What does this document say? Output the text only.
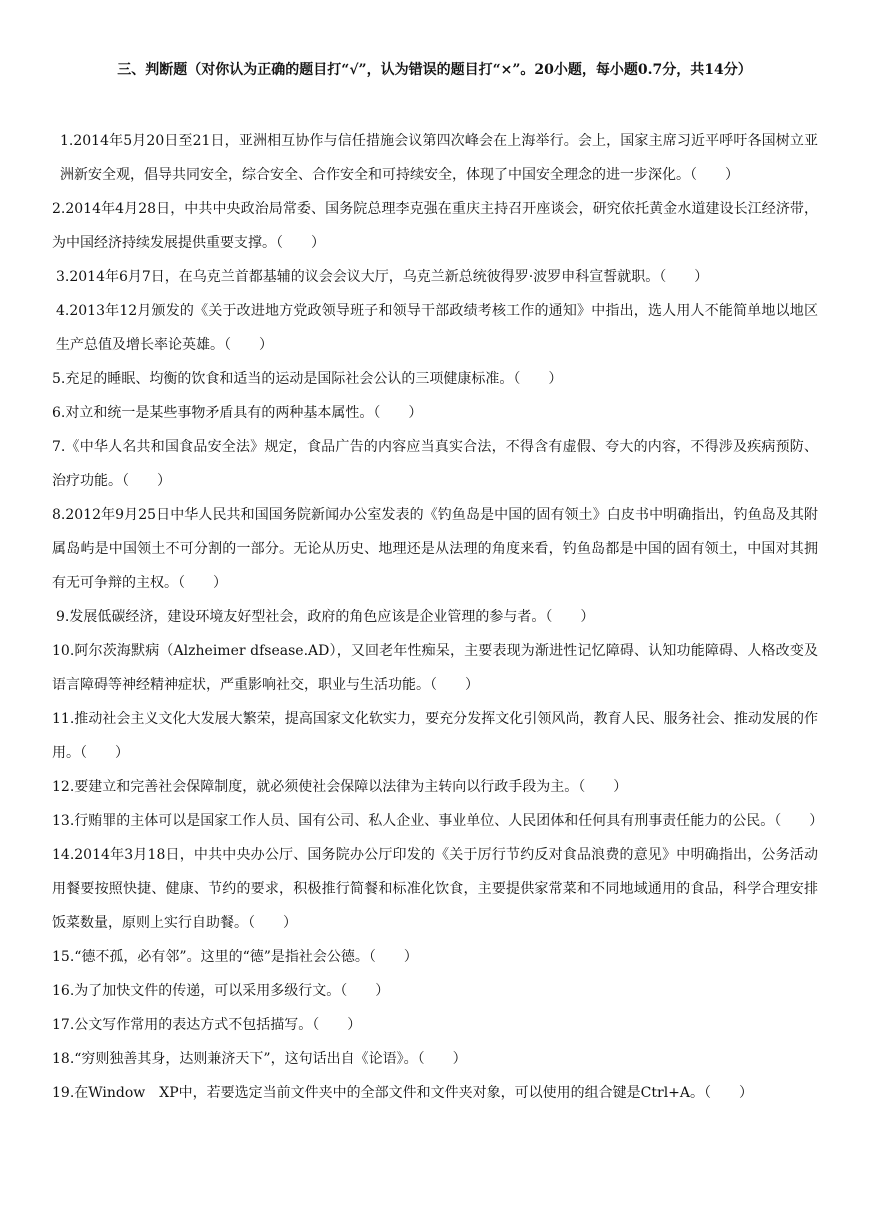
三、判断题（对你认为正确的题目打“√”，认为错误的题目打“×”。20小题，每小题0.7分，共14分）

1.2014年5月20日至21日，亚洲相互协作与信任措施会议第四次峰会在上海举行。会上，国家主席习近平呼吁各国树立亚洲新安全观，倡导共同安全，综合安全、合作安全和可持续安全，体现了中国安全理念的进一步深化。（　　）

2.2014年4月28日，中共中央政治局常委、国务院总理李克强在重庆主持召开座谈会，研究依托黄金水道建设长江经济带，为中国经济持续发展提供重要支撑。（　　）

3.2014年6月7日，在乌克兰首都基辅的议会会议大厅，乌克兰新总统彼得罗·波罗申科宣誓就职。（　　）

4.2013年12月颁发的《关于改进地方党政领导班子和领导干部政绩考核工作的通知》中指出，选人用人不能简单地以地区生产总值及增长率论英雄。（　　）

5.充足的睡眠、均衡的饮食和适当的运动是国际社会公认的三项健康标准。（　　）

6.对立和统一是某些事物矛盾具有的两种基本属性。（　　）

7.《中华人名共和国食品安全法》规定，食品广告的内容应当真实合法，不得含有虚假、夸大的内容，不得涉及疾病预防、治疗功能。（　　）

8.2012年9月25日中华人民共和国国务院新闻办公室发表的《钓鱼岛是中国的固有领土》白皮书中明确指出，钓鱼岛及其附属岛屿是中国领土不可分割的一部分。无论从历史、地理还是从法理的角度来看，钓鱼岛都是中国的固有领土，中国对其拥有无可争辩的主权。（　　）

9.发展低碳经济，建设环境友好型社会，政府的角色应该是企业管理的参与者。（　　）

10.阿尔茨海默病（Alzheimer dfsease.AD），又回老年性痴呆，主要表现为渐进性记忆障碍、认知功能障碍、人格改变及语言障碍等神经精神症状，严重影响社交，职业与生活功能。（　　）

11.推动社会主义文化大发展大繁荣，提高国家文化软实力，要充分发挥文化引领风尚，教育人民、服务社会、推动发展的作用。（　　）

12.要建立和完善社会保障制度，就必须使社会保障以法律为主转向以行政手段为主。（　　）

13.行贿罪的主体可以是国家工作人员、国有公司、私人企业、事业单位、人民团体和任何具有刑事责任能力的公民。（　　）

14.2014年3月18日，中共中央办公厅、国务院办公厅印发的《关于厉行节约反对食品浪费的意见》中明确指出，公务活动用餐要按照快捷、健康、节约的要求，积极推行简餐和标准化饮食，主要提供家常菜和不同地域通用的食品，科学合理安排饭菜数量，原则上实行自助餐。（　　）

15.“德不孤，必有邻”。这里的“德”是指社会公德。（　　）

16.为了加快文件的传递，可以采用多级行文。（　　）

17.公文写作常用的表达方式不包括描写。（　　）

18.“穷则独善其身，达则兼济天下”，这句话出自《论语》。（　　）

19.在Window　XP中，若要选定当前文件夹中的全部文件和文件夹对象，可以使用的组合键是Ctrl+A。（　　）
